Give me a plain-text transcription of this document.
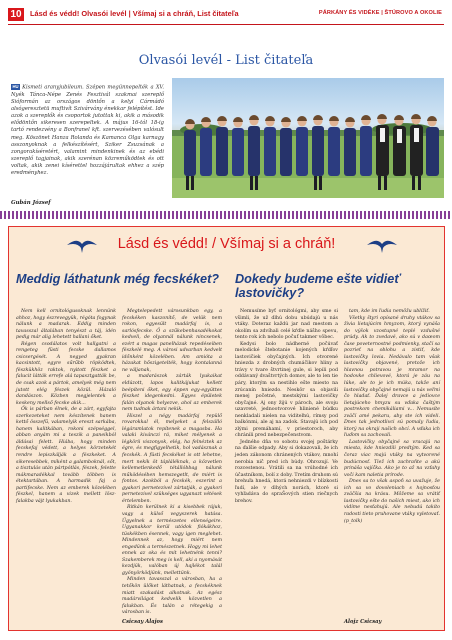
10	Lásd és védd! Olvasói levél | Všímaj si a chráň, List čitateľa	PÁRKÁNY ÉS VIDÉKE | ŠTÚROVO A OKOLIE
Olvasói levél - List čitateľa
HU Kismeti aranyjubileum. Szépen megünnepelték a XV. Nyék Tánca-Népe Zenés Fesztivál szakmai szereplő Sióformán az országos döntőn a kelyi Cármádó alsógeresztetü muftivít Szivárvány énekkar felépítést. Ide azok a szereplők és csoportok jutottak ki, akik a második elődöntőn sikeresen szerepeltek. A május 16-tól 18-ig tartó rendezvény a Bonfranel kft. szervezésében valósult meg. Köszönet Hanza Rolanda és Kamanca Olga karnagy asszonyoknak a felkészítésért, Sziker Zsuzsának a zongorakíséretért, valamint mindenkinek és az ebédi szereplő tagjainak, akik szerénan közreműködtek és ott voltak, akik zenei kísérettel hozzájárultak ehhez a szép eredményhez.
Gubán József
Lásd és védd! / Všímaj si a chráň!
Meddig láthatunk még fecskéket? Dokedy budeme ešte vidieť lastovičky?

Nem kell ornitológusoknak lennünk ahhoz, hogy észrevegyük, régóta fogynak nálunk a madarak. Eddig minden tavasszal általában tenyészt a táj, idén pedig már alig lehetett hallani őket.

Régen csodálatos volt hallgatni a rengeteg füsti fecske dallamos csicsergését. A negyed gyakran kacsintott, egyre sűrűbb röpködtek, fészkükhöz raktok, nyitott fészket a falucit látták errefe alá tapasztgatták be, de csak azok a pártok, amelyek még nem jutott elég fészek közül. Házaló dandászon. Közben megjelentek a keskeny mellső fecske akik...

Ők is párban élnek, de a zárt, egyfajta szerkezeteket nem készítenek hanem kettő összefű, valamelyik ereszt sarkába, hanem kalitkában, rokoni szépséggel, abban anyám mi a teszik a paneikból áldásai felett. Hiába, hogy minden fecskefaj védett, a helyes körzetekét rendre lepiszkálják a fészkeket. A sikeresebbek, miként a galamboknál, sőt, a tisztulás után pártpótlás, fészek, felette mákmaradékkal tovább többen is étektartában. A harmadik faj a partifecske. Nem az emberek közelében fészkel, hanem a vizek mellett lösz-falakba vájt lyukakban.

Megtelepedett városunkban egy, a fecskéken kaszonítő, de velük nem rokon, egyesült madárfaj is, a sarlósfecske. Ő a szűkebenhasadékokat kedveli, de olyannál nálunk nincsenek, ezért a magas panelházak repedéseiben fészkelé meg. A városi udvarban kedvelt időnként közelében. Am amióta a házakat hőszigetelték, hogy kontalanná ne váljanak,

a madarászok zárták lyukaikat eldúzott, lapos kalitkájukat kellett beépíteni őket, egy éppen egy-együttes fészket idegenkedni. Egyes épületek falán olyanok helyezve, ahol az emberek nem tudnak ártani nekik.

Hiszel a négy madárfaj repülő rovarokkal él, melyeket a felszálló légáramlatok repítenek a magasba. Ha valaki kivánczi rá, miket mélyenek a légkörii viszonyok, elég, ha felnéztek az égre, és megfigyelhetik, hol vadásznak a fecskék. A füsti fecskéket is ott lehetne, mert nekik öt tápláléknak, a közvetlen kellemetlenkedő tétállóbbag nálunk működésében hemszegetlt, de miért is fontos. Azokból a fecskék, eszerint a gyakori pernetezivel zártatják, a gyakori pernetezivel szükséges ugyanazt vétések értelemben.

Ritkán kerülnek ki a kisebbek rájuk, vagy a külső vegyszerek hatása. Ügyelnek a természetes ellenségeire. Ugyanakkor kerül utódok fiókákhoz, tüskékben ésennek, vagy igen meglehet. Mindennek az, hogy miért nem engedünk a természetnek. Hogy mi lehet ennek az oka és mit lehetnénk tenni? Szakemberek meg is kell, aki a nyomását kezdjük, valóban új hajlékot talál gyönyörködjünk, mellettünk.

Minden tavasszal a városban, ha a tetőkön ülőket láthatnak, a fecskéknek miatt szakadást alkotnak. Az egész madárvilágot kedvelik közvetlen a falukban. És talán a rétegekig a városban is.

Csicsay Alajos

Nemusíme byť ornitológmi, aby sme si všimli, že už dlhú dobu ubúdajú u nás vtáky. Doteraz každú jar nad mestom a okolím sa zdvíhali celé kŕdle nášho spevu, tento rok ich nebolo počuť takmer vôbec.

Kedysi bolo nádherné počúvať melodické štebotanie kojených kŕdľov lastovičiek obyčajných. Ich otvorené hniezda z drobných chumáčikov hliny a trávy v tvare štvrtinej gule, si lepili pod oddávaný dvaštvrtých domov, ale to len tie páry, ktorým sa nestihlo ešte miesto na zrúcanín hniezdo. Neskôr sa objavili menej početné, mestskými lastovičky obyčajné. Aj ony žijú v pároch, ale svoju uzavreté, jednootvorové hliniené búdku nenkladali nielen na viditeľnú, rímsy pod balkónmi, ale aj na zadok. Stavajú ich pod zlými premáhamí, v priestoroch, aby chránili pred nebezpečenstvom.

Jedného dňa vo sobotu svojej poštárky na ďalšie odpady. Aby si dokazovali, že ich jeden zákonom chránených vtákov, mnohí nerobia nič pred ich búdy. Ohrozují. Ve rozcestenou. Vrátili sa na vrúhodné ich účastníkom, bolí z doby. Tretím druhom sú brehuľa hnedá, ktorá nehniezdi v blízkosti ľudí, ale v dlhých norách, ktoré si vyhľadáva do spraŠových stien riečnych brehov.

tam, kde im ľudia nemôžu ublížiť.

Všetky štyri opísané druhy vtákov sa živia lietajúcim hmyzom, ktorý vynáša do výšok vzostupné teplé vzdušné prúdy. Ak to zvedavé, ako sú v daœom čase poveternostné podmienky, stačí sa pozrieť na oblohu a zistiť, kde lastovičky lovia. Nedávalo tam však lastovičky objavené, pretože ich hlavnou potravou je mramor na hodovke chlievové, ktorá je záu na lúke, ale to je ich múka, takže aní lastovičky obyčajné nemajú u nás veľmi čo hladať. Ďalej dravce a jediovce lietajúceho hmyzu su vďaka čaštým postrekom chemikáliami v... Nemusíte zväčí amé pekaru, aby ste ich videli. Dnes tak jednotlivci sú pomaly ľudia, ktorý na okraji našich obcí. A vďaka ich ľuďom sa zachovali.

Lastovičky obyčajné sa vracajú na miesta, kde hniezdili predtým. Ked sa čoraz viac majú vtáky na vytvorené budúcnosť. Tiež ich zachraňte a akú prináša vajíčka. Ako je to až na vzťahy voči kam naletia prírode.

Dnes sa to však aspoň sa uvažuje, že ich sa vo dovoleniach s hojnosťou zväčšia na krásu. Môžeme sa vrátiť lastovičky ešte do našich miest, ako ich vidíme nesťahujú. Ale nebudú takíto radosti tieto pruhovane vtáky vyletovať. (p_tolk)

Alojz Csicsay
